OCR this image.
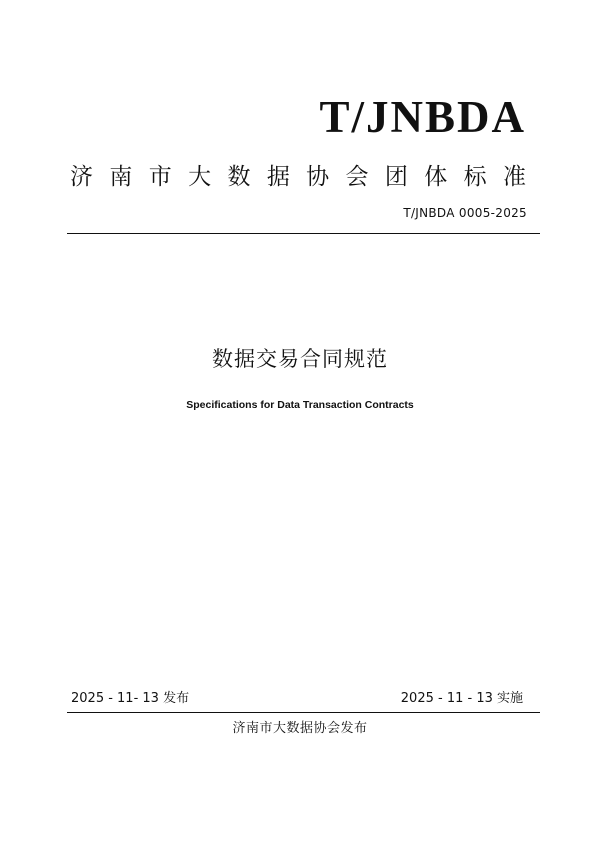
T/JNBDA
济南市大数据协会团体标准
T/JNBDA 0005-2025
数据交易合同规范
Specifications for Data Transaction Contracts
2025 - 11- 13 发布	2025 - 11 - 13 实施
济南市大数据协会发布
